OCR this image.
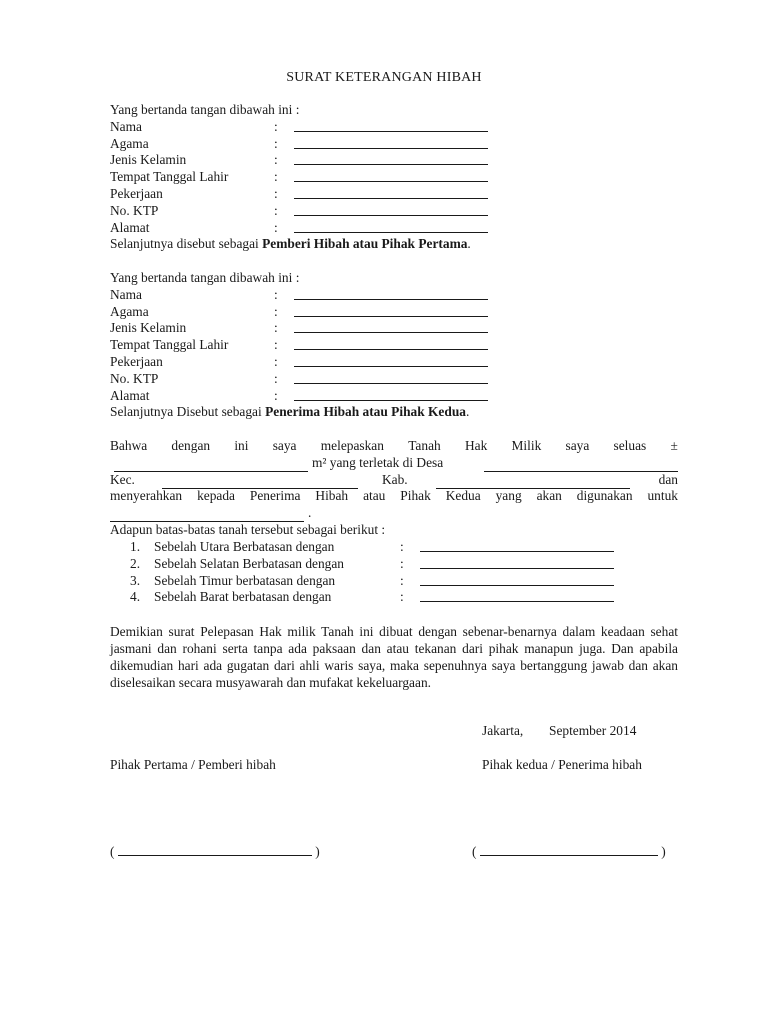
SURAT KETERANGAN HIBAH
Yang bertanda tangan dibawah ini :
Nama	:
Agama	:
Jenis Kelamin	:
Tempat Tanggal Lahir	:
Pekerjaan	:
No. KTP	:
Alamat	:
Selanjutnya disebut sebagai Pemberi Hibah atau Pihak Pertama.
Yang bertanda tangan dibawah ini :
Nama	:
Agama	:
Jenis Kelamin	:
Tempat Tanggal Lahir	:
Pekerjaan	:
No. KTP	:
Alamat	:
Selanjutnya Disebut sebagai Penerima Hibah atau Pihak Kedua.
Bahwa dengan ini saya melepaskan Tanah Hak Milik saya seluas ±
m² yang terletak di Desa
Kec.	Kab.	dan
menyerahkan kepada Penerima Hibah atau Pihak Kedua yang akan digunakan untuk
.
Adapun batas-batas tanah tersebut sebagai berikut :
1. Sebelah Utara Berbatasan dengan	:
2. Sebelah Selatan Berbatasan dengan	:
3. Sebelah Timur berbatasan dengan	:
4. Sebelah Barat berbatasan dengan	:
Demikian surat Pelepasan Hak milik Tanah ini dibuat dengan sebenar-benarnya dalam keadaan sehat jasmani dan rohani serta tanpa ada paksaan dan atau tekanan dari pihak manapun juga. Dan apabila dikemudian hari ada gugatan dari ahli waris saya, maka sepenuhnya saya bertanggung jawab dan akan diselesaikan secara musyawarah dan mufakat kekeluargaan.
Jakarta, September 2014
Pihak Pertama / Pemberi hibah	Pihak kedua / Penerima hibah
(	)	(	)
